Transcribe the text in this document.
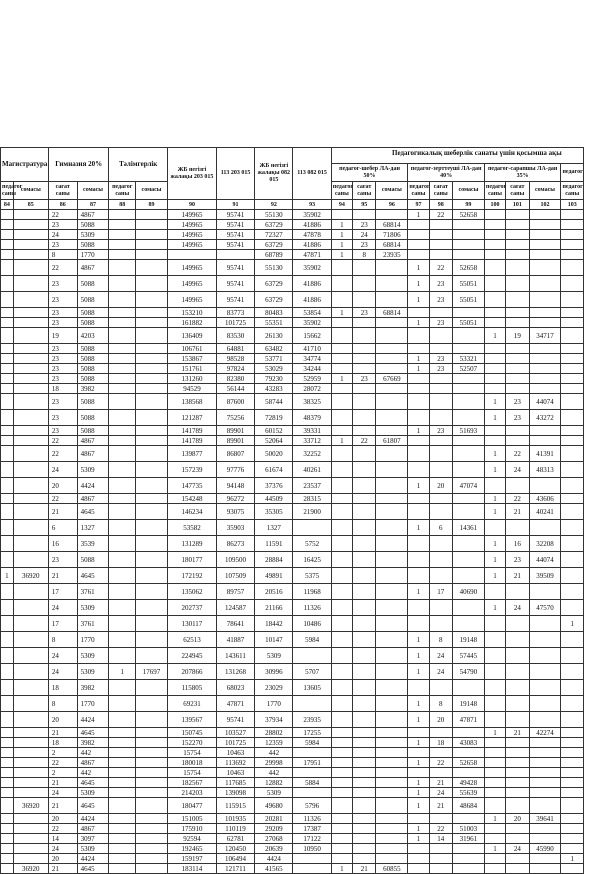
Педагогикалық шеберлік санаты үшін қосымша ақы
Магистратура		Гимназия 20%		Тәлімгерлік		ЖБ негізгі жалақы 203 015	113 203 015	ЖБ негізгі жалақы 082 015	113 082 015										
										педагог-шебер ЛА-дан 50%			педагог-зерттеуші ЛА-дан 40%			педагог-сарапшы ЛА-дан 35%			педагог
педагог саны	сомасы	сағат саны	сомасы	педагог саны	сомасы					педагог саны	сағат саны	сомасы	педагог саны	сағат саны	сомасы	педагог саны	сағат саны	сомасы	педагог саны
84	85	86	87	88	89	90	91	92	93	94	95	96	97	98	99	100	101	102	103
		22	4867			149965	95741	55130	35902				1	22	52658				
		23	5088			149965	95741	63729	41886	1	23	68814							
		24	5309			149965	95741	72327	47878	1	24	71806							
		23	5088			149965	95741	63729	41886	1	23	68814							
		8	1770					68789	47871	1	8	23935							
		22	4867			149965	95741	55130	35902				1	22	52658				
		23	5088			149965	95741	63729	41886				1	23	55051				
		23	5088			149965	95741	63729	41886				1	23	55051				
		23	5088			153210	83773	80483	53854	1	23	68814							
		23	5088			161882	101725	55351	35902				1	23	55051				
		19	4203			136409	83530	26130	15662							1	19	34717	
		23	5088			106761	64881	63482	41710										
		23	5088			153867	98528	53771	34774				1	23	53321				
		23	5088			151761	97824	53029	34244				1	23	52507				
		23	5088			131260	82380	79230	52959	1	23	67669							
		18	3982			94529	56144	43283	28072										
		23	5088			138568	87600	58744	38325							1	23	44074	
		23	5088			121287	75256	72819	48379							1	23	43272	
		23	5088			141789	89901	60152	39331				1	23	51693				
		22	4867			141789	89901	52064	33712	1	22	61807							
		22	4867			139877	86807	50020	32252							1	22	41391	
		24	5309			157239	97776	61674	40261							1	24	48313	
		20	4424			147735	94148	37376	23537				1	20	47074				
		22	4867			154248	96272	44509	28315							1	22	43606	
		21	4645			146234	93075	35305	21900							1	21	40241	
		6	1327			53582	35903	1327					1	6	14361				
		16	3539			131289	86273	11591	5752							1	16	32208	
		23	5088			180177	109500	28884	16425							1	23	44074	
1	36920	21	4645			172192	107509	49891	5375							1	21	39509	
		17	3761			135062	89757	20516	11968				1	17	40690				
		24	5309			202737	124587	21166	11326							1	24	47570	
		17	3761			130117	78641	18442	10486										1
		8	1770			62513	41887	10147	5984				1	8	19148				
		24	5309			224945	143611	5309					1	24	57445				
		24	5309	1	17697	207866	131268	30996	5707				1	24	54790				
		18	3982			115805	68023	23029	13605										
		8	1770			69231	47871	1770					1	8	19148				
		20	4424			139567	95741	37934	23935				1	20	47871				
		21	4645			150745	103527	28802	17255							1	21	42274	
		18	3982			152270	101725	12359	5984				1	18	43083				
		2	442			15754	10463	442											
		22	4867			180018	113692	29998	17951				1	22	52658				
		2	442			15754	10463	442											
		21	4645			182567	117685	12882	5884				1	21	49428				
		24	5309			214203	139098	5309					1	24	55639				
	36920	21	4645			180477	115915	49680	5796				1	21	48684				
		20	4424			151005	101935	20281	11326							1	20	39641	
		22	4867			175910	110119	29209	17387				1	22	51003				
		14	3097			92594	62781	27068	17122				1	14	31961				
		24	5309			192465	120450	20639	10950							1	24	45990	
		20	4424			159197	106494	4424											1
	36920	21	4645			183114	121711	41565		1	21	60855							
